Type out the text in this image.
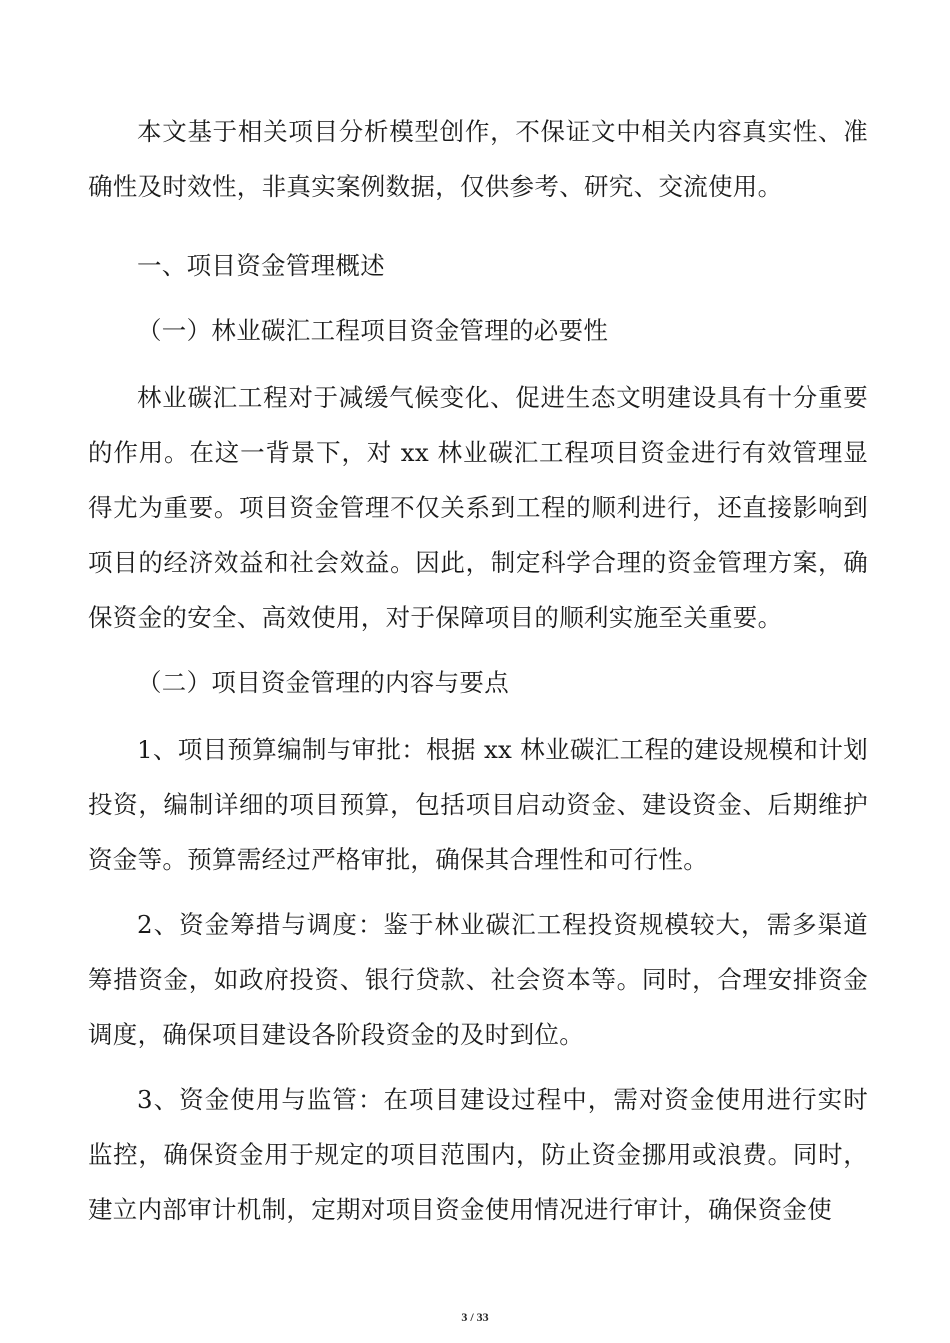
本文基于相关项目分析模型创作，不保证文中相关内容真实性、准确性及时效性，非真实案例数据，仅供参考、研究、交流使用。

一、项目资金管理概述

（一）林业碳汇工程项目资金管理的必要性

林业碳汇工程对于减缓气候变化、促进生态文明建设具有十分重要的作用。在这一背景下，对 xx 林业碳汇工程项目资金进行有效管理显得尤为重要。项目资金管理不仅关系到工程的顺利进行，还直接影响到项目的经济效益和社会效益。因此，制定科学合理的资金管理方案，确保资金的安全、高效使用，对于保障项目的顺利实施至关重要。

（二）项目资金管理的内容与要点

1、项目预算编制与审批：根据 xx 林业碳汇工程的建设规模和计划投资，编制详细的项目预算，包括项目启动资金、建设资金、后期维护资金等。预算需经过严格审批，确保其合理性和可行性。

2、资金筹措与调度：鉴于林业碳汇工程投资规模较大，需多渠道筹措资金，如政府投资、银行贷款、社会资本等。同时，合理安排资金调度，确保项目建设各阶段资金的及时到位。

3、资金使用与监管：在项目建设过程中，需对资金使用进行实时监控，确保资金用于规定的项目范围内，防止资金挪用或浪费。同时，建立内部审计机制，定期对项目资金使用情况进行审计，确保资金使

3 / 33
